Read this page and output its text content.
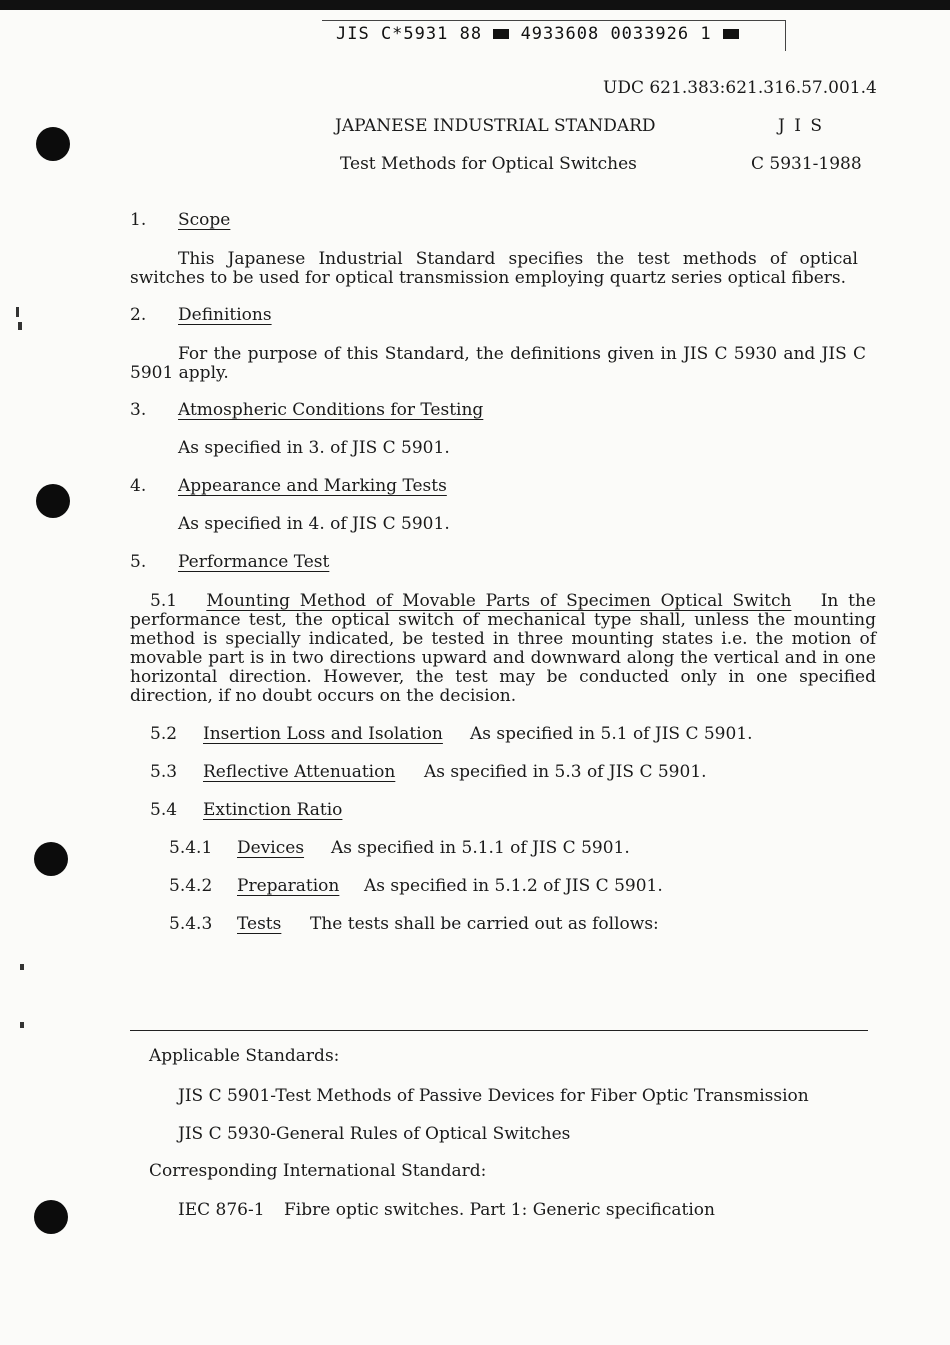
JIS C*5931 88 4933608 0033926 1
UDC 621.383:621.316.57.001.4
JAPANESE INDUSTRIAL STANDARD	J I S
Test Methods for Optical Switches	C 5931-1988
1. Scope
This Japanese Industrial Standard specifies the test methods of optical switches to be used for optical transmission employing quartz series optical fibers.
2. Definitions
For the purpose of this Standard, the definitions given in JIS C 5930 and JIS C 5901 apply.
3. Atmospheric Conditions for Testing
As specified in 3. of JIS C 5901.
4. Appearance and Marking Tests
As specified in 4. of JIS C 5901.
5. Performance Test
5.1 Mounting Method of Movable Parts of Specimen Optical Switch In the performance test, the optical switch of mechanical type shall, unless the mounting method is specially indicated, be tested in three mounting states i.e. the motion of movable part is in two directions upward and downward along the vertical and in one horizontal direction. However, the test may be conducted only in one specified direction, if no doubt occurs on the decision.
5.2 Insertion Loss and Isolation As specified in 5.1 of JIS C 5901.
5.3 Reflective Attenuation As specified in 5.3 of JIS C 5901.
5.4 Extinction Ratio
5.4.1 Devices As specified in 5.1.1 of JIS C 5901.
5.4.2 Preparation As specified in 5.1.2 of JIS C 5901.
5.4.3 Tests The tests shall be carried out as follows:
Applicable Standards:
JIS C 5901-Test Methods of Passive Devices for Fiber Optic Transmission
JIS C 5930-General Rules of Optical Switches
Corresponding International Standard:
IEC 876-1 Fibre optic switches. Part 1: Generic specification
